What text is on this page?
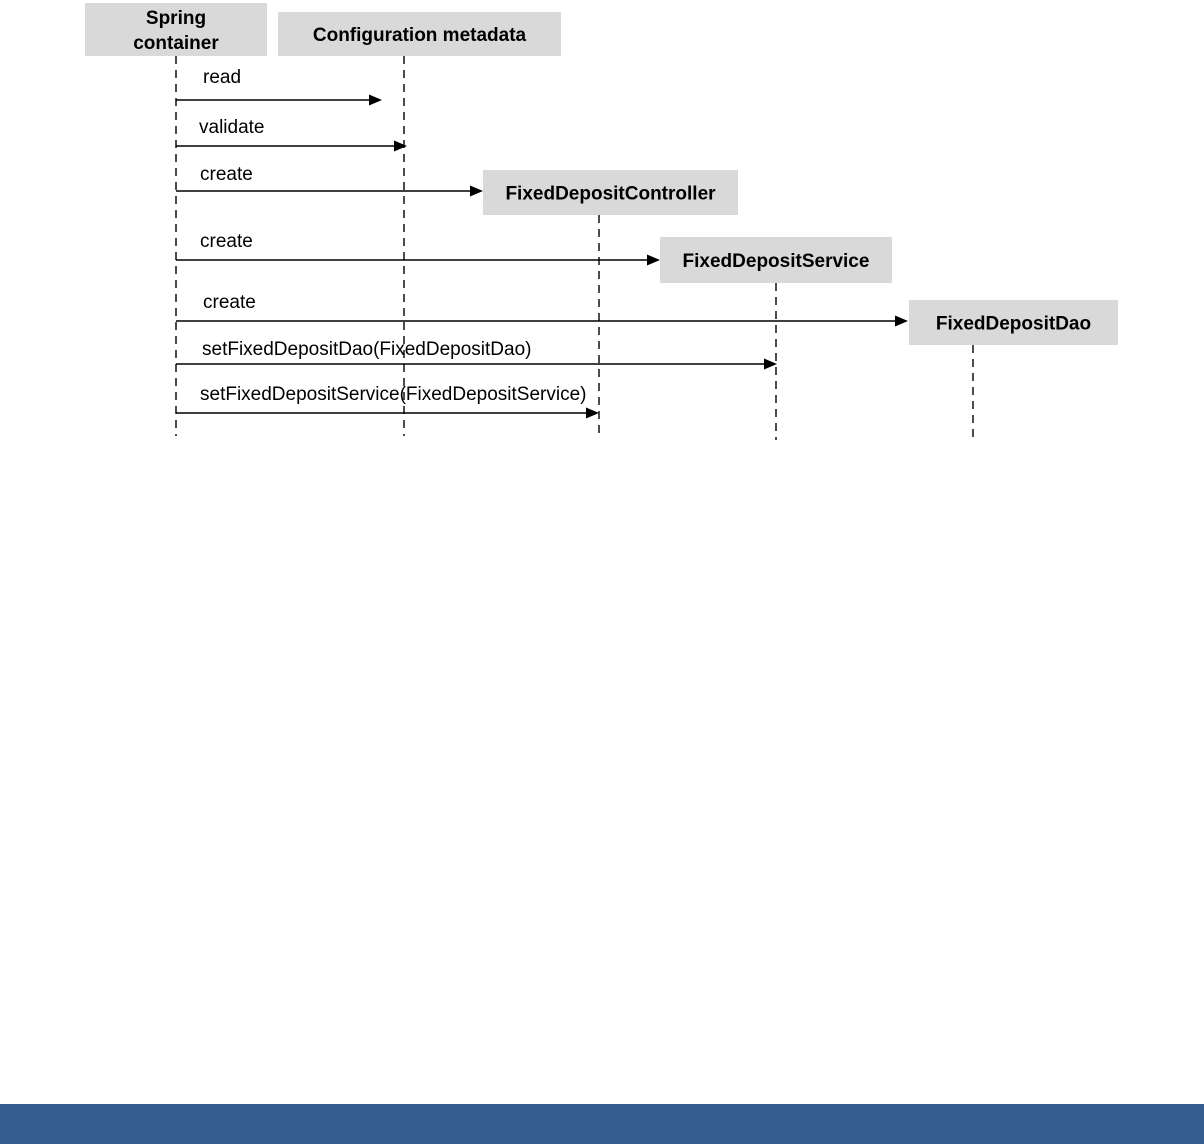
Spring
container	Configuration metadata
FixedDepositController
FixedDepositService
FixedDepositDao
read
validate
create
create
create
setFixedDepositDao(FixedDepositDao)
setFixedDepositService(FixedDepositService)
